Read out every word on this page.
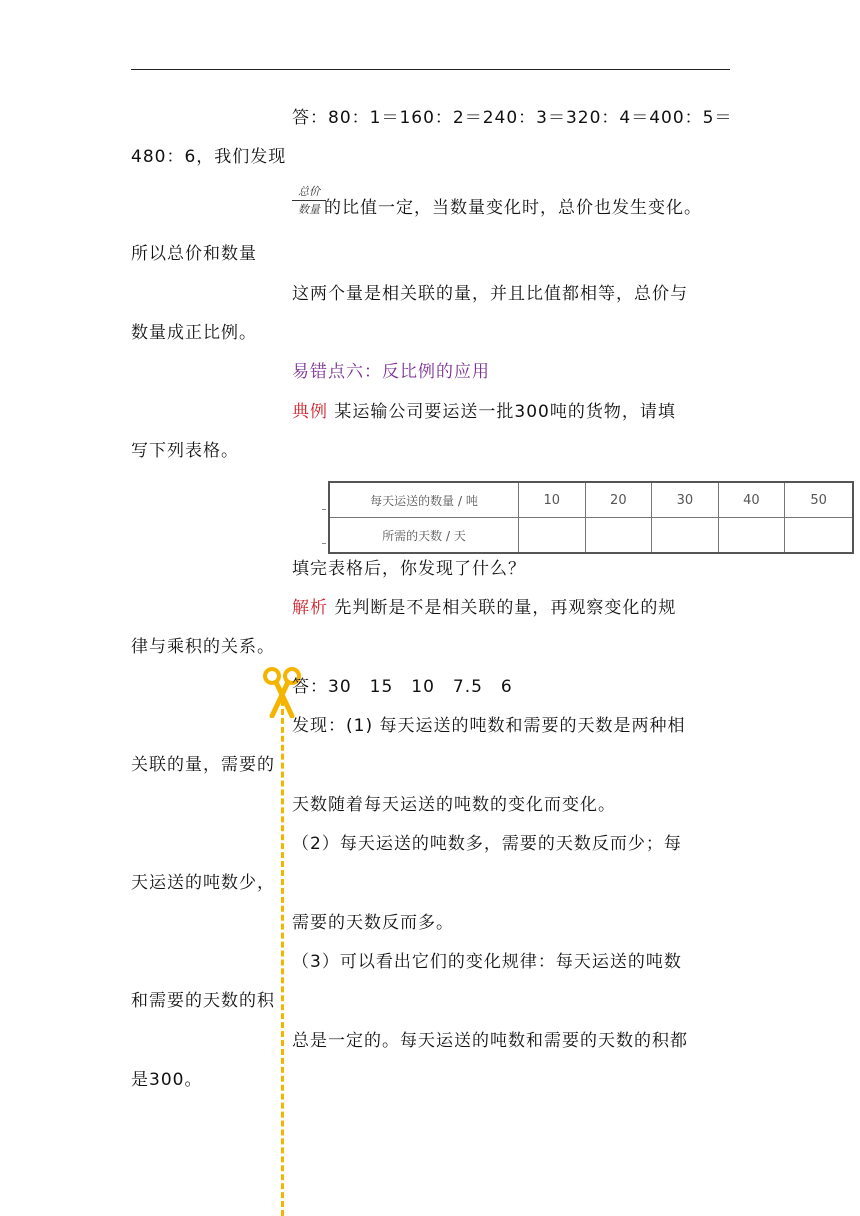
答：80：1＝160：2＝240：3＝320：4＝400：5＝
480：6，我们发现
总价
数量 的比值一定，当数量变化时，总价也发生变化。
所以总价和数量
这两个量是相关联的量，并且比值都相等，总价与
数量成正比例。
易错点六：反比例的应用
典例 某运输公司要运送一批300吨的货物，请填
写下列表格。
每天运送的数量 / 吨	10	20	30	40	50
所需的天数 / 天					
填完表格后，你发现了什么？
解析 先判断是不是相关联的量，再观察变化的规
律与乘积的关系。
答：30　15　10　7.5　6
发现：(1) 每天运送的吨数和需要的天数是两种相
关联的量，需要的
天数随着每天运送的吨数的变化而变化。
（2）每天运送的吨数多，需要的天数反而少；每
天运送的吨数少，
需要的天数反而多。
（3）可以看出它们的变化规律：每天运送的吨数
和需要的天数的积
总是一定的。每天运送的吨数和需要的天数的积都
是300。
